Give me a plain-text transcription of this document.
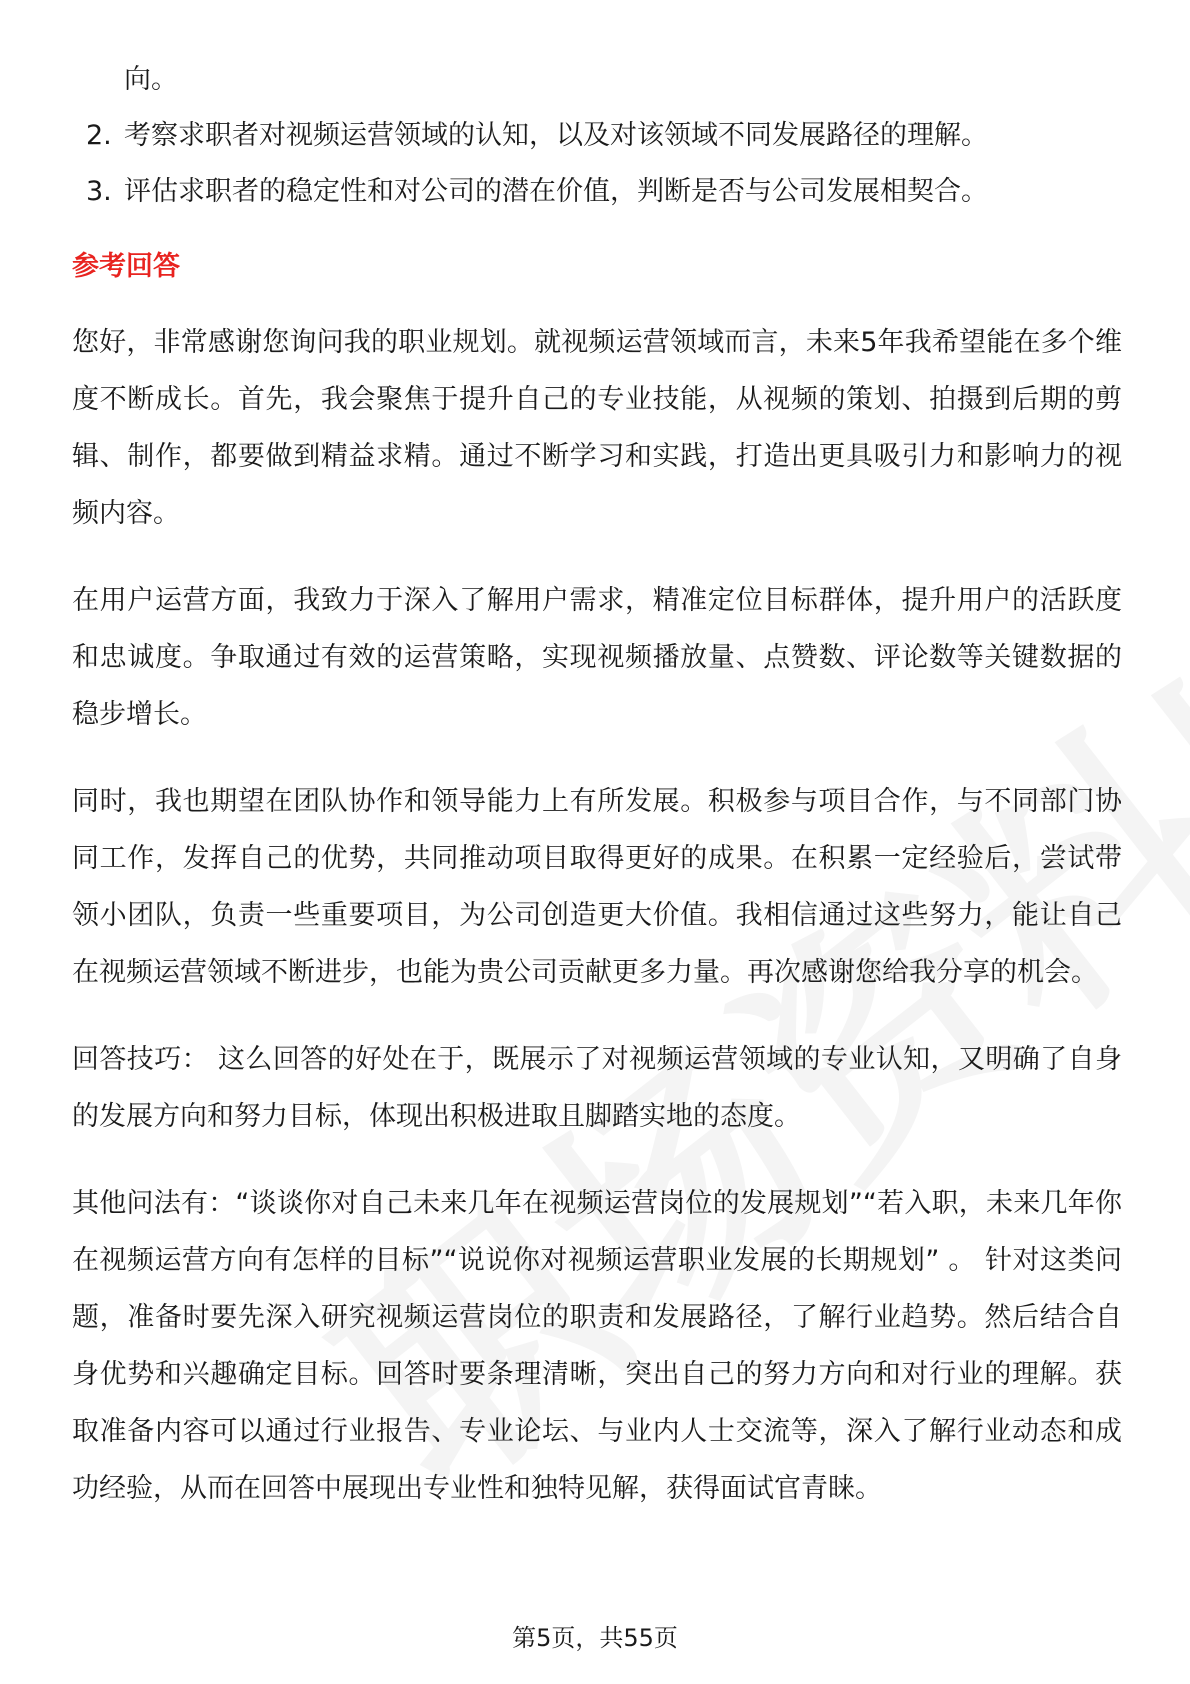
向。
2. 考察求职者对视频运营领域的认知，以及对该领域不同发展路径的理解。
3. 评估求职者的稳定性和对公司的潜在价值，判断是否与公司发展相契合。
参考回答

您好，非常感谢您询问我的职业规划。就视频运营领域而言，未来5年我希望能在多个维度不断成长。首先，我会聚焦于提升自己的专业技能，从视频的策划、拍摄到后期的剪辑、制作，都要做到精益求精。通过不断学习和实践，打造出更具吸引力和影响力的视频内容。

在用户运营方面，我致力于深入了解用户需求，精准定位目标群体，提升用户的活跃度和忠诚度。争取通过有效的运营策略，实现视频播放量、点赞数、评论数等关键数据的稳步增长。

同时，我也期望在团队协作和领导能力上有所发展。积极参与项目合作，与不同部门协同工作，发挥自己的优势，共同推动项目取得更好的成果。在积累一定经验后，尝试带领小团队，负责一些重要项目，为公司创造更大价值。我相信通过这些努力，能让自己在视频运营领域不断进步，也能为贵公司贡献更多力量。再次感谢您给我分享的机会。

回答技巧： 这么回答的好处在于，既展示了对视频运营领域的专业认知，又明确了自身的发展方向和努力目标，体现出积极进取且脚踏实地的态度。

其他问法有：“谈谈你对自己未来几年在视频运营岗位的发展规划”“若入职，未来几年你在视频运营方向有怎样的目标”“说说你对视频运营职业发展的长期规划” 。 针对这类问题，准备时要先深入研究视频运营岗位的职责和发展路径，了解行业趋势。然后结合自身优势和兴趣确定目标。回答时要条理清晰，突出自己的努力方向和对行业的理解。获取准备内容可以通过行业报告、专业论坛、与业内人士交流等，深入了解行业动态和成功经验，从而在回答中展现出专业性和独特见解，获得面试官青睐。

第5页，共55页
